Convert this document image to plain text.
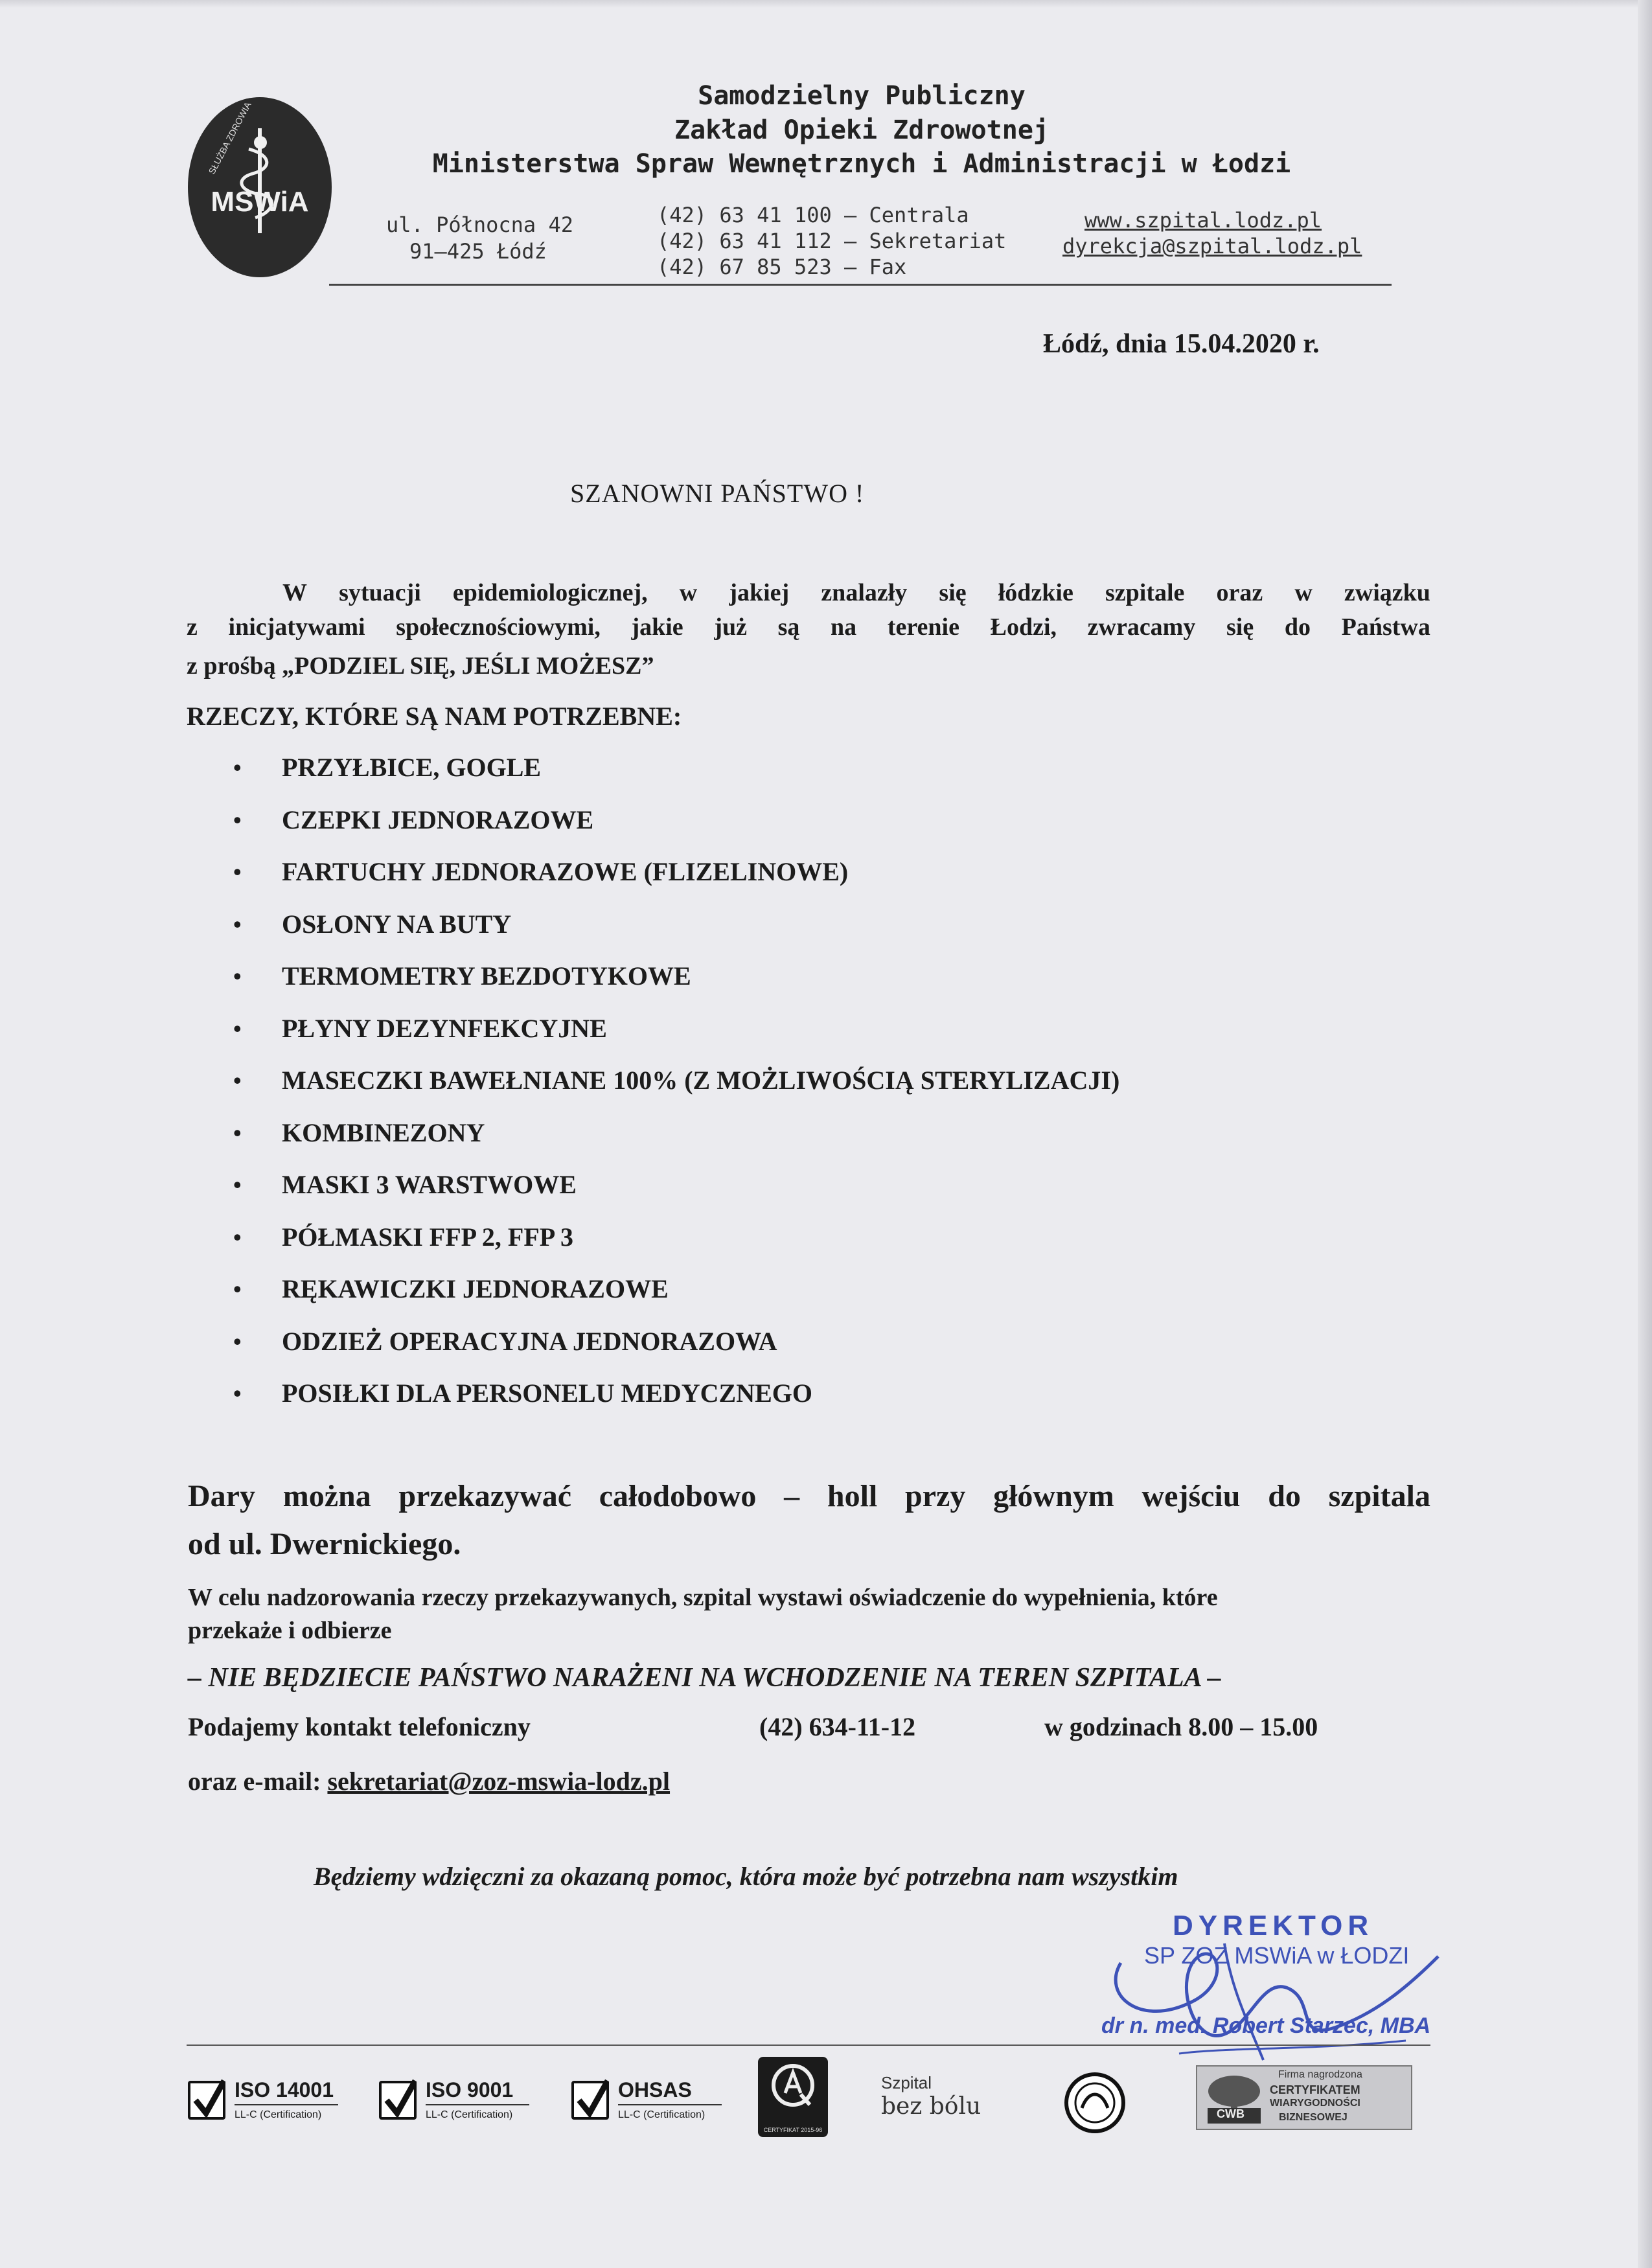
MSWiA
SŁUŻBA ZDROWIA
Samodzielny Publiczny
Zakład Opieki Zdrowotnej
Ministerstwa Spraw Wewnętrznych i Administracji w Łodzi
ul. Północna 42
91–425 Łódź
(42) 63 41 100 – Centrala
(42) 63 41 112 – Sekretariat
(42) 67 85 523 – Fax
www.szpital.lodz.pl
dyrekcja@szpital.lodz.pl
Łódź, dnia 15.04.2020 r.
SZANOWNI PAŃSTWO !
W sytuacji epidemiologicznej, w jakiej znalazły się łódzkie szpitale oraz w związku
z inicjatywami społecznościowymi, jakie już są na terenie Łodzi, zwracamy się do Państwa
z prośbą „PODZIEL SIĘ, JEŚLI MOŻESZ”
RZECZY, KTÓRE SĄ NAM POTRZEBNE:
• PRZYŁBICE, GOGLE
• CZEPKI JEDNORAZOWE
• FARTUCHY JEDNORAZOWE (FLIZELINOWE)
• OSŁONY NA BUTY
• TERMOMETRY BEZDOTYKOWE
• PŁYNY DEZYNFEKCYJNE
• MASECZKI BAWEŁNIANE 100% (Z MOŻLIWOŚCIĄ STERYLIZACJI)
• KOMBINEZONY
• MASKI 3 WARSTWOWE
• PÓŁMASKI FFP 2, FFP 3
• RĘKAWICZKI JEDNORAZOWE
• ODZIEŻ OPERACYJNA JEDNORAZOWA
• POSIŁKI DLA PERSONELU MEDYCZNEGO
Dary można przekazywać całodobowo – holl przy głównym wejściu do szpitala
od ul. Dwernickiego.
W celu nadzorowania rzeczy przekazywanych, szpital wystawi oświadczenie do wypełnienia, które
przekaże i odbierze
– NIE BĘDZIECIE PAŃSTWO NARAŻENI NA WCHODZENIE NA TEREN SZPITALA –
Podajemy kontakt telefoniczny	(42) 634-11-12	w godzinach 8.00 – 15.00
oraz e-mail: sekretariat@zoz-mswia-lodz.pl
Będziemy wdzięczni za okazaną pomoc, która może być potrzebna nam wszystkim
DYREKTOR
SP ZOZ MSWiA w ŁODZI
dr n. med. Robert Starzec, MBA
ISO 14001
LL-C (Certification)
ISO 9001
LL-C (Certification)
OHSAS
LL-C (Certification)
CERTYFIKAT 2015-96
Szpital
bez bólu	CWB
Firma nagrodzona
CERTYFIKATEM
WIARYGODNOŚCI
BIZNESOWEJ
